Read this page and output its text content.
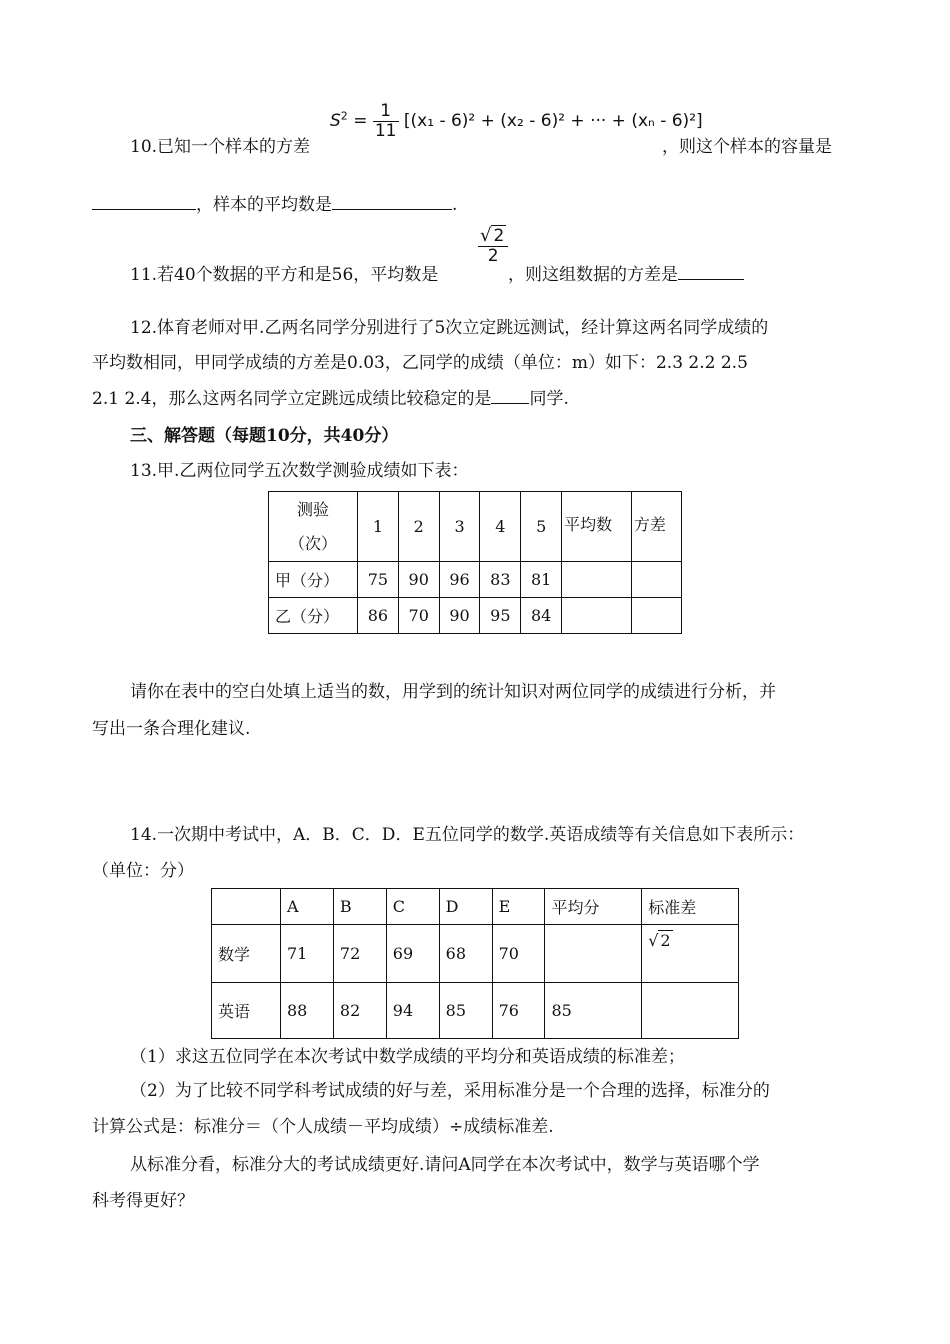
10.已知一个样本的方差
$S^2 = \frac{1}{11} [(x_1 - 6)^2 + (x_2 - 6)^2$ + ··· + (xₙ - 6)²]
，则这个样本的容量是
，样本的平均数是	.
11.若40个数据的平方和是56，平均数是
$\frac{√ 2}{2}$
，则这组数据的方差是
12.体育老师对甲.乙两名同学分别进行了5次立定跳远测试，经计算这两名同学成绩的
平均数相同，甲同学成绩的方差是0.03，乙同学的成绩（单位：m）如下：2.3 2.2 2.5
2.1 2.4，那么这两名同学立定跳远成绩比较稳定的是 同学.
三、解答题（每题10分，共40分）
13.甲.乙两位同学五次数学测验成绩如下表：
测验
（次）	1	2	3	4	5	平均数	方差
甲（分）	75	90	96	83	81		
乙（分）	86	70	90	95	84		
请你在表中的空白处填上适当的数，用学到的统计知识对两位同学的成绩进行分析，并
写出一条合理化建议.
14.一次期中考试中，A．B．C．D．E五位同学的数学.英语成绩等有关信息如下表所示：
（单位：分）
	A	B	C	D	E	平均分	标准差
数学	71	72	69	68	70		√ 2
英语	88	82	94	85	76	85	
（1）求这五位同学在本次考试中数学成绩的平均分和英语成绩的标准差；
（2）为了比较不同学科考试成绩的好与差，采用标准分是一个合理的选择，标准分的
计算公式是：标准分＝（个人成绩－平均成绩）÷成绩标准差.
从标准分看，标准分大的考试成绩更好.请问A同学在本次考试中，数学与英语哪个学
科考得更好？
